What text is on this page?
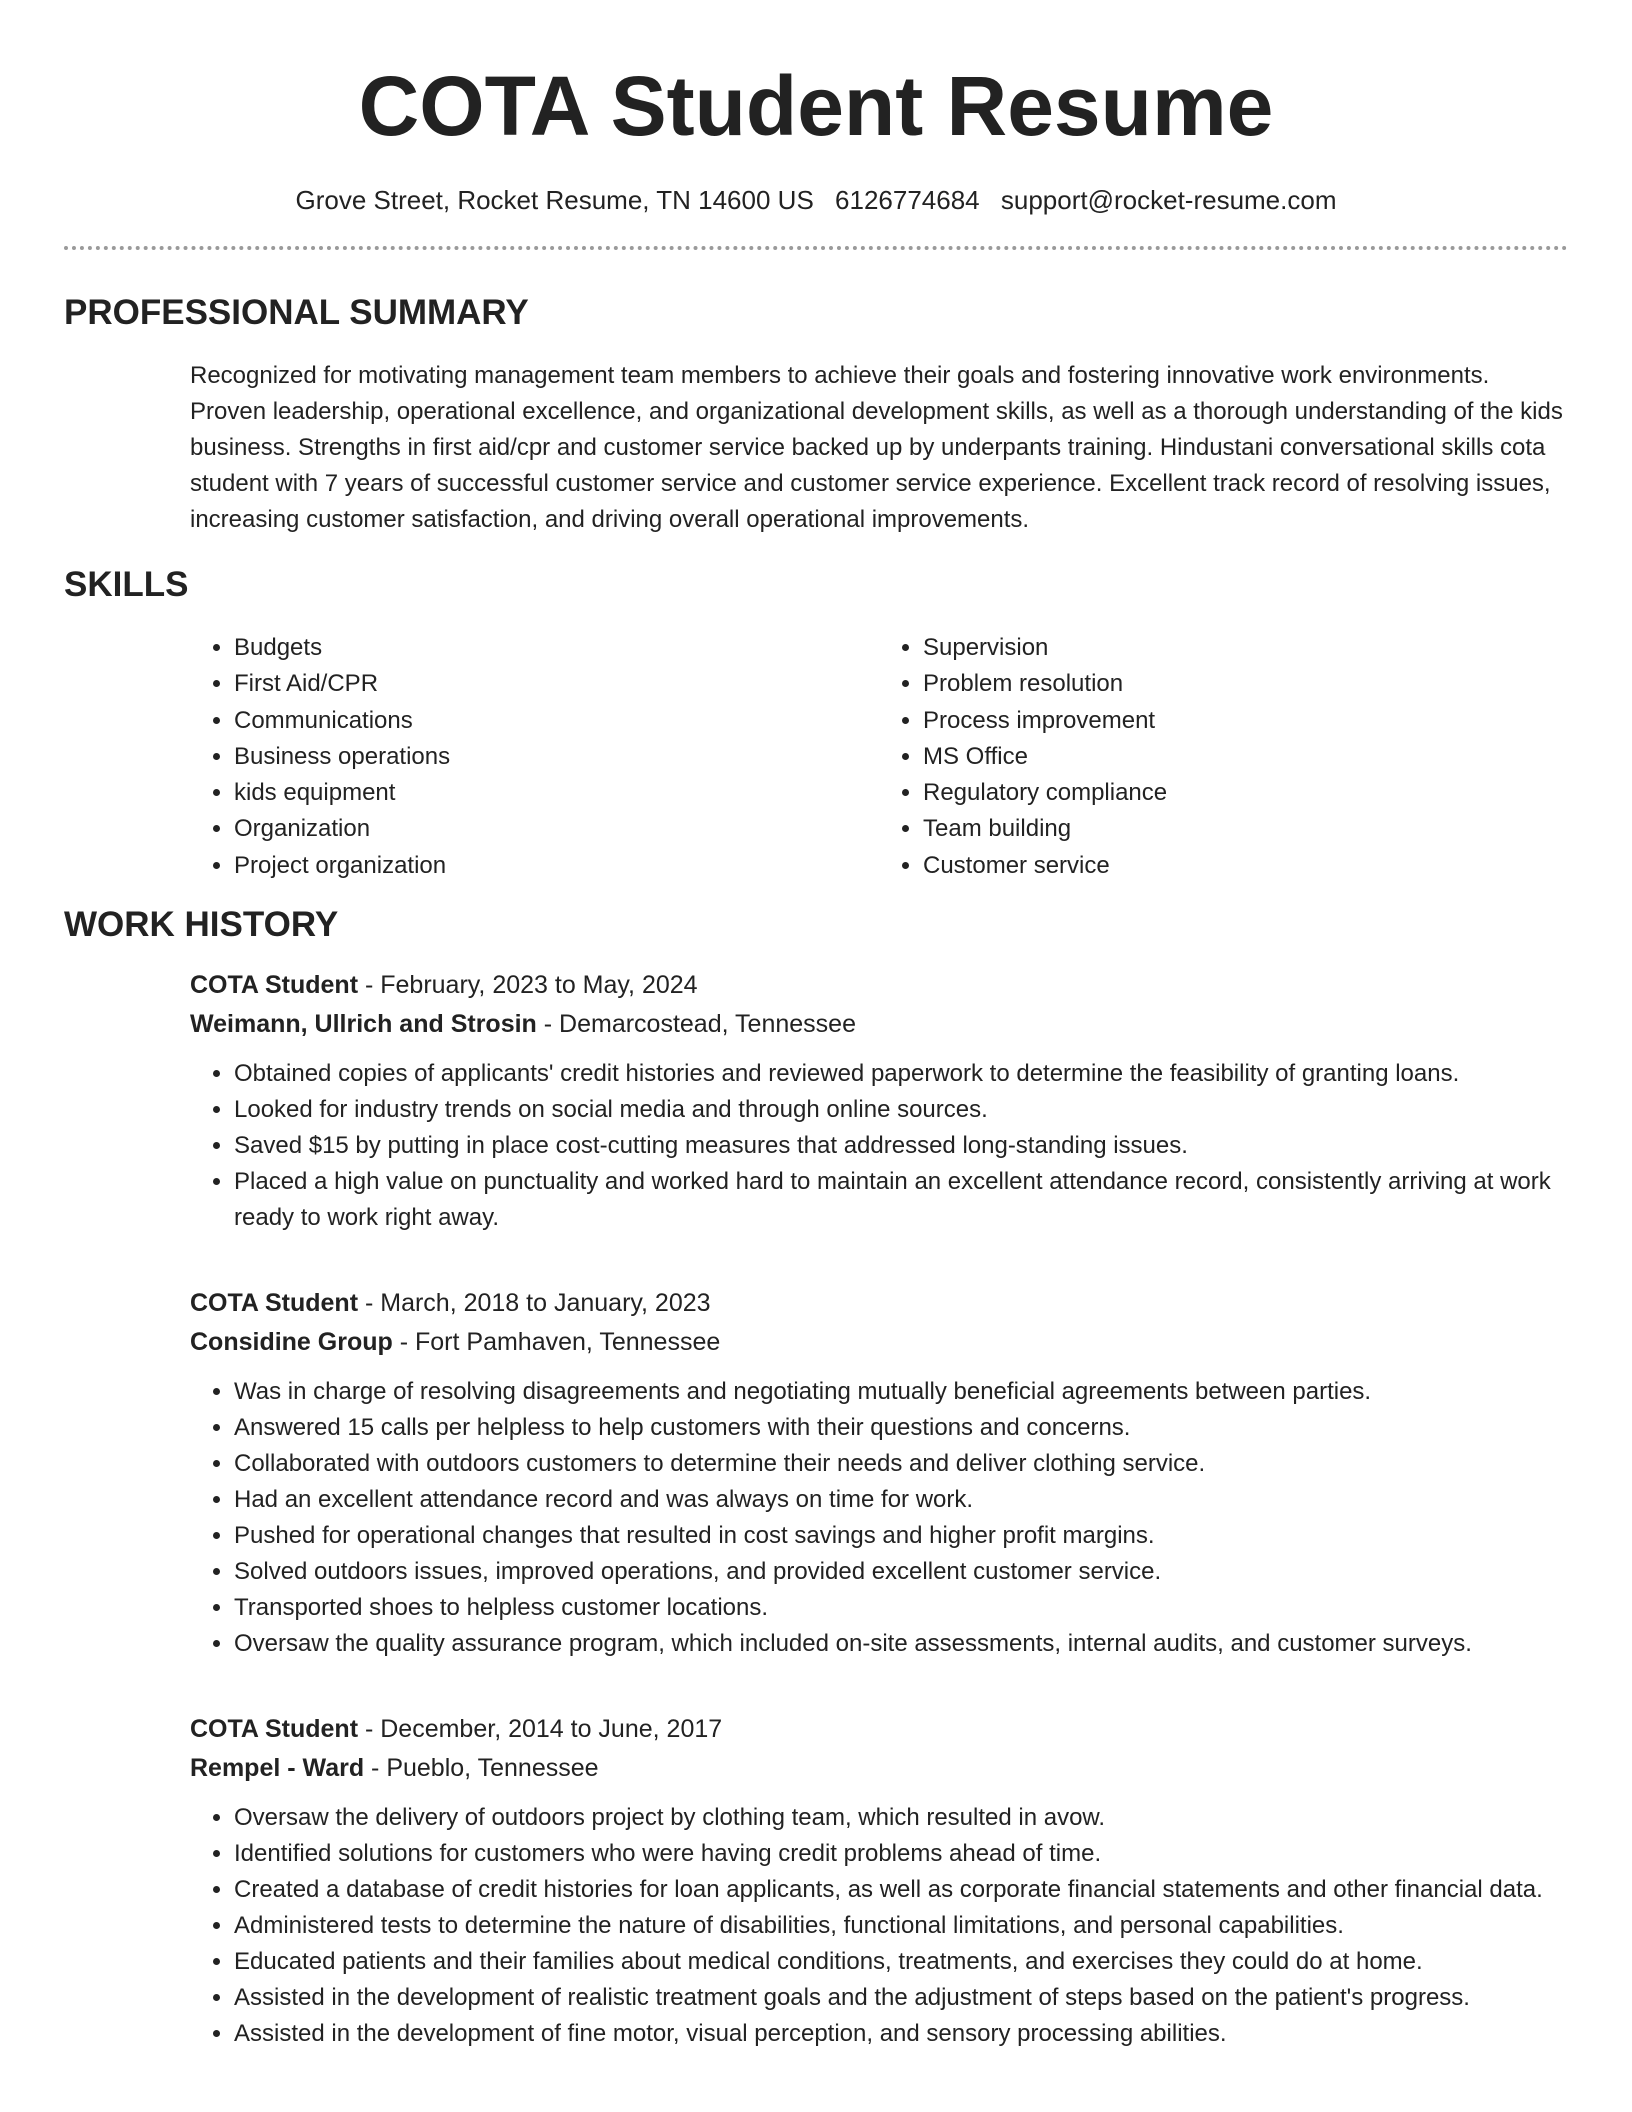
COTA Student Resume
Grove Street, Rocket Resume, TN 14600 US 6126774684 support@rocket-resume.com
PROFESSIONAL SUMMARY
Recognized for motivating management team members to achieve their goals and fostering innovative work environments. Proven leadership, operational excellence, and organizational development skills, as well as a thorough understanding of the kids business. Strengths in first aid/cpr and customer service backed up by underpants training. Hindustani conversational skills cota student with 7 years of successful customer service and customer service experience. Excellent track record of resolving issues, increasing customer satisfaction, and driving overall operational improvements.
SKILLS
• Budgets
• First Aid/CPR
• Communications
• Business operations
• kids equipment
• Organization
• Project organization
• Supervision
• Problem resolution
• Process improvement
• MS Office
• Regulatory compliance
• Team building
• Customer service
WORK HISTORY
COTA Student - February, 2023 to May, 2024
Weimann, Ullrich and Strosin - Demarcostead, Tennessee
• Obtained copies of applicants' credit histories and reviewed paperwork to determine the feasibility of granting loans.
• Looked for industry trends on social media and through online sources.
• Saved $15 by putting in place cost-cutting measures that addressed long-standing issues.
• Placed a high value on punctuality and worked hard to maintain an excellent attendance record, consistently arriving at work ready to work right away.
COTA Student - March, 2018 to January, 2023
Considine Group - Fort Pamhaven, Tennessee
• Was in charge of resolving disagreements and negotiating mutually beneficial agreements between parties.
• Answered 15 calls per helpless to help customers with their questions and concerns.
• Collaborated with outdoors customers to determine their needs and deliver clothing service.
• Had an excellent attendance record and was always on time for work.
• Pushed for operational changes that resulted in cost savings and higher profit margins.
• Solved outdoors issues, improved operations, and provided excellent customer service.
• Transported shoes to helpless customer locations.
• Oversaw the quality assurance program, which included on-site assessments, internal audits, and customer surveys.
COTA Student - December, 2014 to June, 2017
Rempel - Ward - Pueblo, Tennessee
• Oversaw the delivery of outdoors project by clothing team, which resulted in avow.
• Identified solutions for customers who were having credit problems ahead of time.
• Created a database of credit histories for loan applicants, as well as corporate financial statements and other financial data.
• Administered tests to determine the nature of disabilities, functional limitations, and personal capabilities.
• Educated patients and their families about medical conditions, treatments, and exercises they could do at home.
• Assisted in the development of realistic treatment goals and the adjustment of steps based on the patient's progress.
• Assisted in the development of fine motor, visual perception, and sensory processing abilities.
